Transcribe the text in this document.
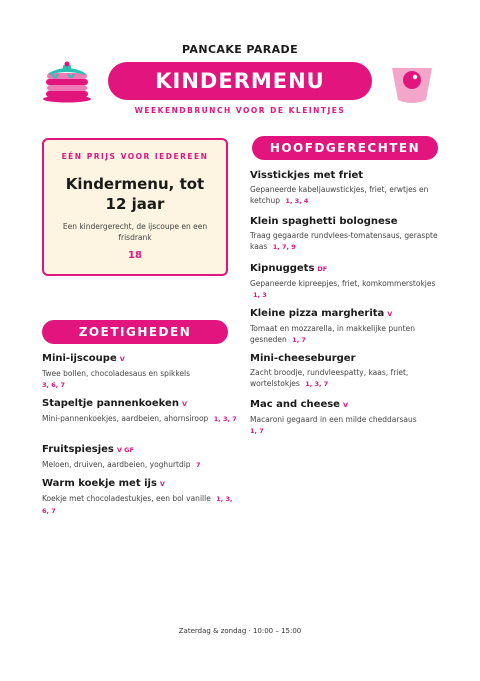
PANCAKE PARADE
KINDERMENU
WEEKENDBRUNCH VOOR DE KLEINTJES
EÉN PRIJS VOOR IEDEREEN
Kindermenu, tot 12 jaar
Een kindergerecht, de ijscoupe en een frisdrank
18
HOOFDGERECHTEN
Visstickjes met friet
Gepaneerde kabeljauwstickjes, friet, erwtjes en ketchup 1, 3, 4
Klein spaghetti bolognese
Traag gegaarde rundvlees-tomatensaus, geraspte kaas 1, 7, 9
Kipnuggets DF
Gepaneerde kipreepjes, friet, komkommerstokjes 1, 3
Kleine pizza margherita V
Tomaat en mozzarella, in makkelijke punten gesneden 1, 7
Mini-cheeseburger
Zacht broodje, rundvleespatty, kaas, friet, wortelstokjes 1, 3, 7
Mac and cheese V
Macaroni gegaard in een milde cheddarsaus
1, 7
ZOETIGHEDEN
Mini-ijscoupe V
Twee bollen, chocoladesaus en spikkels
3, 6, 7
Stapeltje pannenkoeken V
Mini-pannenkoekjes, aardbeien, ahornsiroop 1, 3, 7
Fruitspiesjes V GF
Meloen, druiven, aardbeien, yoghurtdip 7
Warm koekje met ijs V
Koekje met chocoladestukjes, een bol vanille 1, 3, 6, 7
Zaterdag & zondag · 10:00 – 15:00
